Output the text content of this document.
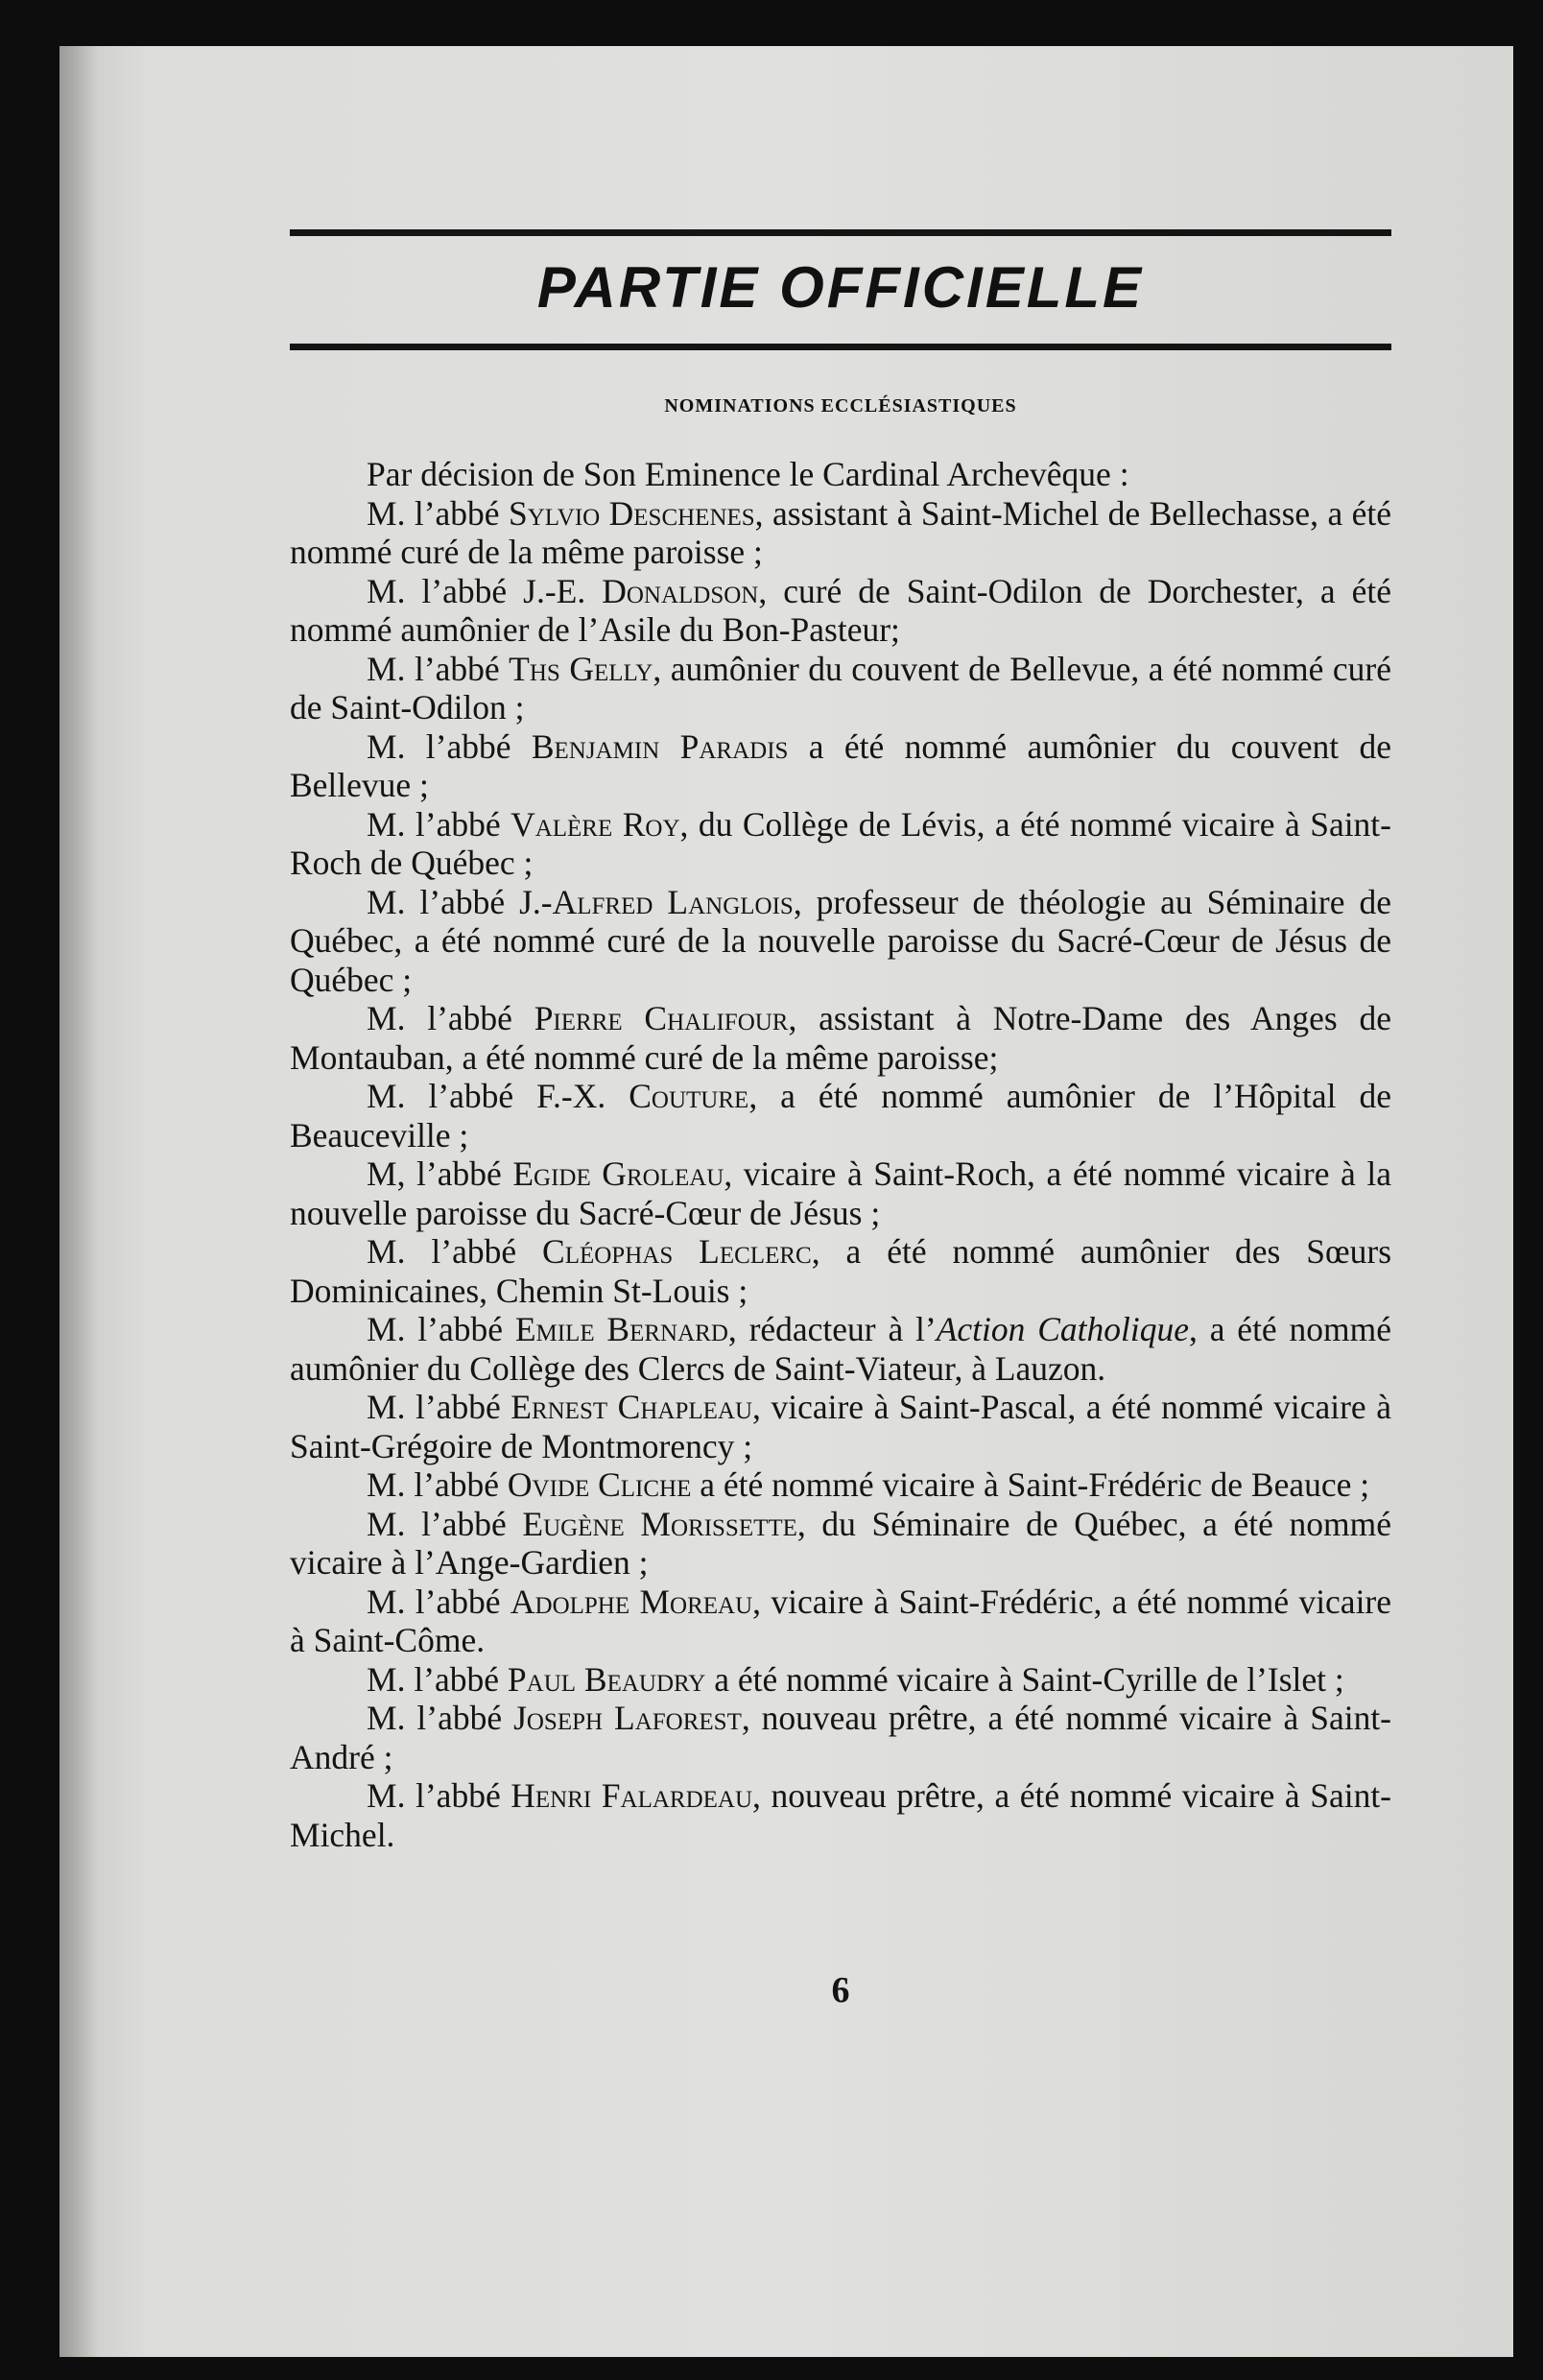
PARTIE OFFICIELLE
NOMINATIONS ECCLÉSIASTIQUES

Par décision de Son Eminence le Cardinal Archevêque :

M. l’abbé Sylvio Deschenes, assistant à Saint-Michel de Bellechasse, a été nommé curé de la même paroisse ;

M. l’abbé J.-E. Donaldson, curé de Saint-Odilon de Dorchester, a été nommé aumônier de l’Asile du Bon-Pasteur;

M. l’abbé Ths Gelly, aumônier du couvent de Bellevue, a été nommé curé de Saint-Odilon ;

M. l’abbé Benjamin Paradis a été nommé aumônier du couvent de Bellevue ;

M. l’abbé Valère Roy, du Collège de Lévis, a été nommé vicaire à Saint-Roch de Québec ;

M. l’abbé J.-Alfred Langlois, professeur de théologie au Séminaire de Québec, a été nommé curé de la nouvelle paroisse du Sacré-Cœur de Jésus de Québec ;

M. l’abbé Pierre Chalifour, assistant à Notre-Dame des Anges de Montauban, a été nommé curé de la même paroisse;

M. l’abbé F.-X. Couture, a été nommé aumônier de l’Hôpital de Beauceville ;

M, l’abbé Egide Groleau, vicaire à Saint-Roch, a été nommé vicaire à la nouvelle paroisse du Sacré-Cœur de Jésus ;

M. l’abbé Cléophas Leclerc, a été nommé aumônier des Sœurs Dominicaines, Chemin St-Louis ;

M. l’abbé Emile Bernard, rédacteur à l’Action Catholique, a été nommé aumônier du Collège des Clercs de Saint-Viateur, à Lauzon.

M. l’abbé Ernest Chapleau, vicaire à Saint-Pascal, a été nommé vicaire à Saint-Grégoire de Montmorency ;

M. l’abbé Ovide Cliche a été nommé vicaire à Saint-Frédéric de Beauce ;

M. l’abbé Eugène Morissette, du Séminaire de Québec, a été nommé vicaire à l’Ange-Gardien ;

M. l’abbé Adolphe Moreau, vicaire à Saint-Frédéric, a été nommé vicaire à Saint-Côme.

M. l’abbé Paul Beaudry a été nommé vicaire à Saint-Cyrille de l’Islet ;

M. l’abbé Joseph Laforest, nouveau prêtre, a été nommé vicaire à Saint-André ;

M. l’abbé Henri Falardeau, nouveau prêtre, a été nommé vicaire à Saint-Michel.

6
